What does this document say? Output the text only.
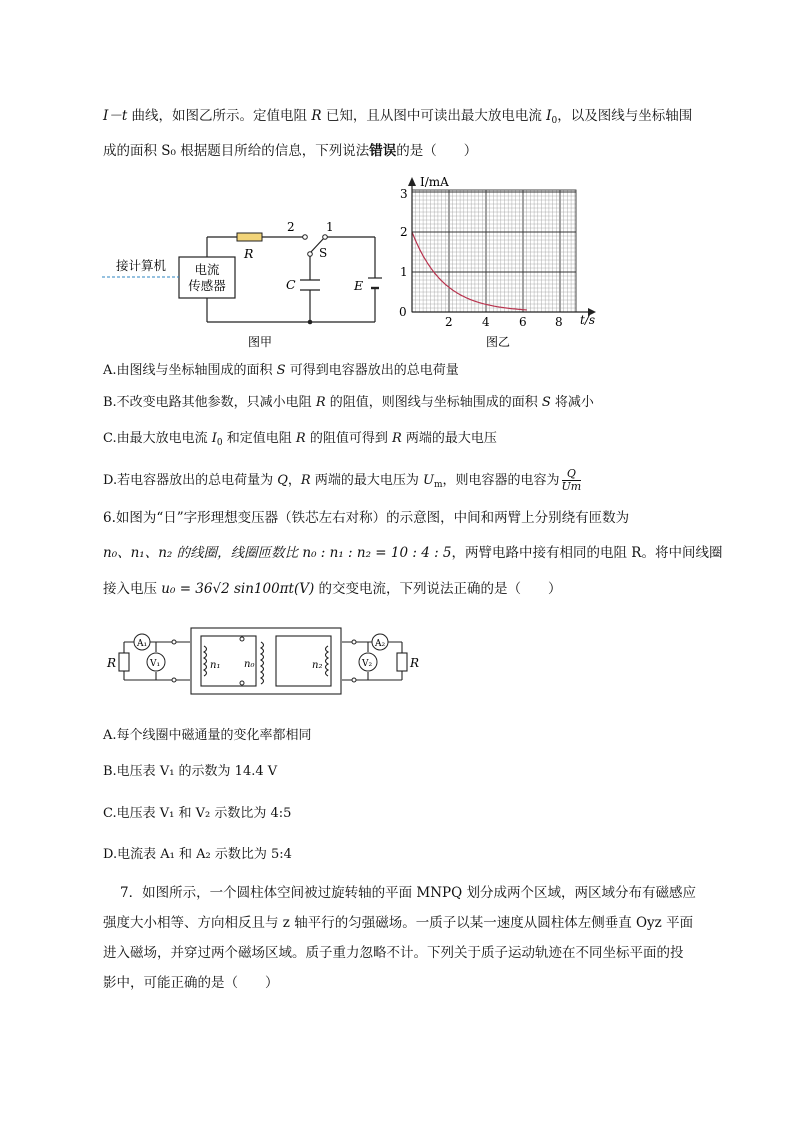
I－t 曲线，如图乙所示。定值电阻 R 已知，且从图中可读出最大放电电流 $I_0$，以及图线与坐标轴围
成的面积 S₀ 根据题目所给的信息，下列说法错误的是（　　）
接计算机 电流
传感器
R
C	E
S
1
2
图甲
I/mA
t/s
0
1
2
3
2 4 6 8
图乙
A.由图线与坐标轴围成的面积 S 可得到电容器放出的总电荷量
B.不改变电路其他参数，只减小电阻 R 的阻值，则图线与坐标轴围成的面积 S 将减小
C.由最大放电电流 $I_0$ 和定值电阻 R 的阻值可得到 R 两端的最大电压
D.若电容器放出的总电荷量为 Q，R 两端的最大电压为 $U_m$，则电容器的电容为 $\frac{Q}{Um}$
6.如图为“日”字形理想变压器（铁芯左右对称）的示意图，中间和两臂上分别绕有匝数为
n₀、n₁、n₂ 的线圈，线圈匝数比 n₀ : n₁ : n₂ = 10 : 4 : 5，两臂电路中接有相同的电阻 R。将中间线圈
接入电压 u₀ = 36√2 sin100πt(V) 的交变电流，下列说法正确的是（　　）
A₁
V₁
A₂
V₂
n₁ n₀	n₂
R	R
A.每个线圈中磁通量的变化率都相同
B.电压表 V₁ 的示数为 14.4 V
C.电压表 V₁ 和 V₂ 示数比为 4:5
D.电流表 A₁ 和 A₂ 示数比为 5:4
7．如图所示，一个圆柱体空间被过旋转轴的平面 MNPQ 划分成两个区域，两区域分布有磁感应
强度大小相等、方向相反且与 z 轴平行的匀强磁场。一质子以某一速度从圆柱体左侧垂直 Oyz 平面
进入磁场，并穿过两个磁场区域。质子重力忽略不计。下列关于质子运动轨迹在不同坐标平面的投
影中，可能正确的是（　　）
